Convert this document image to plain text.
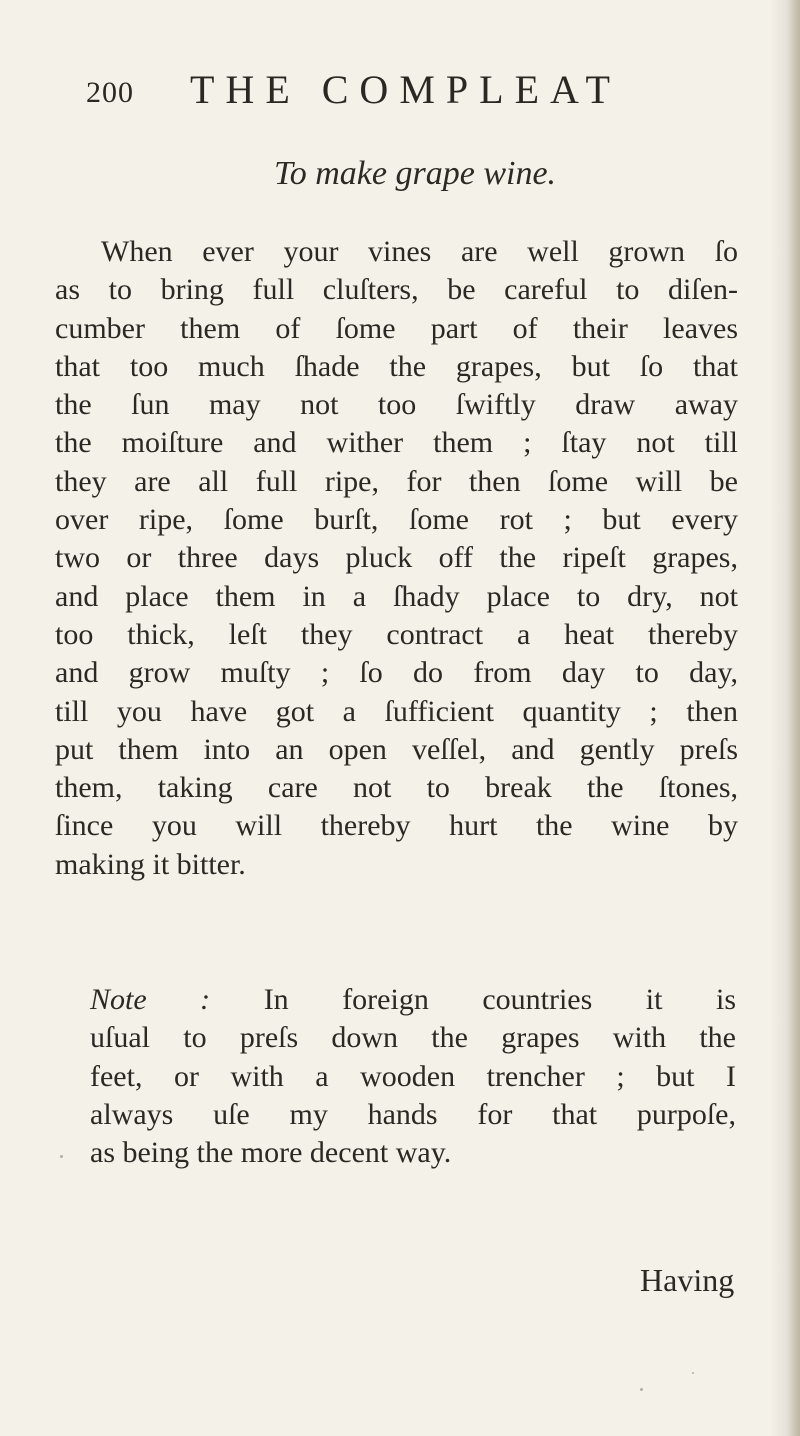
200 THE COMPLEAT
To make grape wine.

When ever your vines are well grown ſo
as to bring full cluſters, be careful to diſen-
cumber them of ſome part of their leaves
that too much ſhade the grapes, but ſo that
the ſun may not too ſwiftly draw away
the moiſture and wither them ; ſtay not till
they are all full ripe, for then ſome will be
over ripe, ſome burſt, ſome rot ; but every
two or three days pluck off the ripeſt grapes,
and place them in a ſhady place to dry, not
too thick, leſt they contract a heat thereby
and grow muſty ; ſo do from day to day,
till you have got a ſufficient quantity ; then
put them into an open veſſel, and gently preſs
them, taking care not to break the ſtones,
ſince you will thereby hurt the wine by
making it bitter.

Note : In foreign countries it is
uſual to preſs down the grapes with the
feet, or with a wooden trencher ; but I
always uſe my hands for that purpoſe,
as being the more decent way.

Having
